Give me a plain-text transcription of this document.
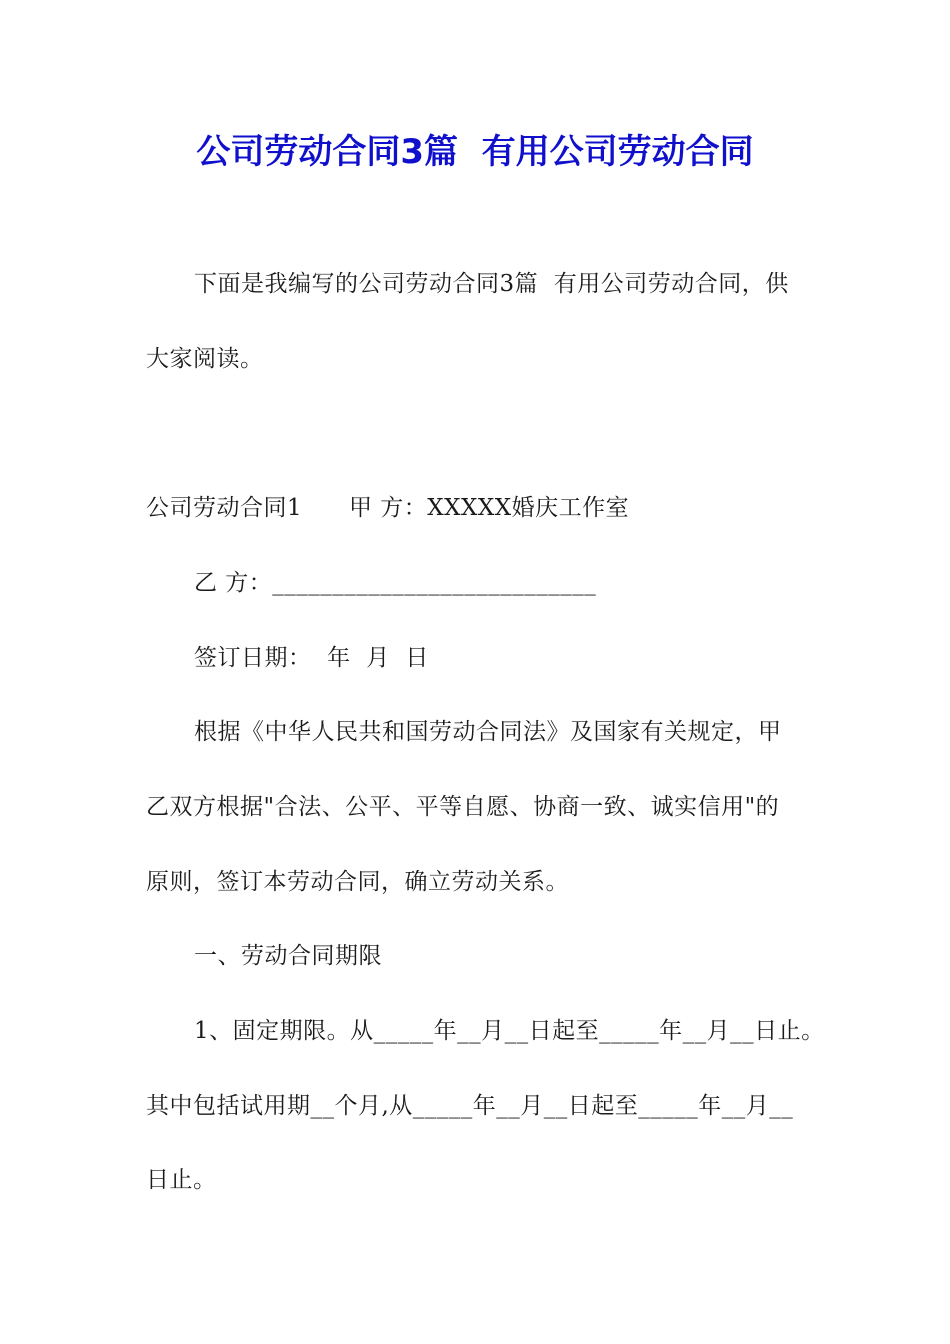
公司劳动合同3篇  有用公司劳动合同

下面是我编写的公司劳动合同3篇  有用公司劳动合同，供

大家阅读。

公司劳动合同1      甲 方：XXXXX婚庆工作室

乙 方：___________________________

签订日期：  年  月  日

根据《中华人民共和国劳动合同法》及国家有关规定，甲

乙双方根据"合法、公平、平等自愿、协商一致、诚实信用"的

原则，签订本劳动合同，确立劳动关系。

一、劳动合同期限

1、固定期限。从_____年__月__日起至_____年__月__日止。

其中包括试用期__个月,从_____年__月__日起至_____年__月__

日止。
